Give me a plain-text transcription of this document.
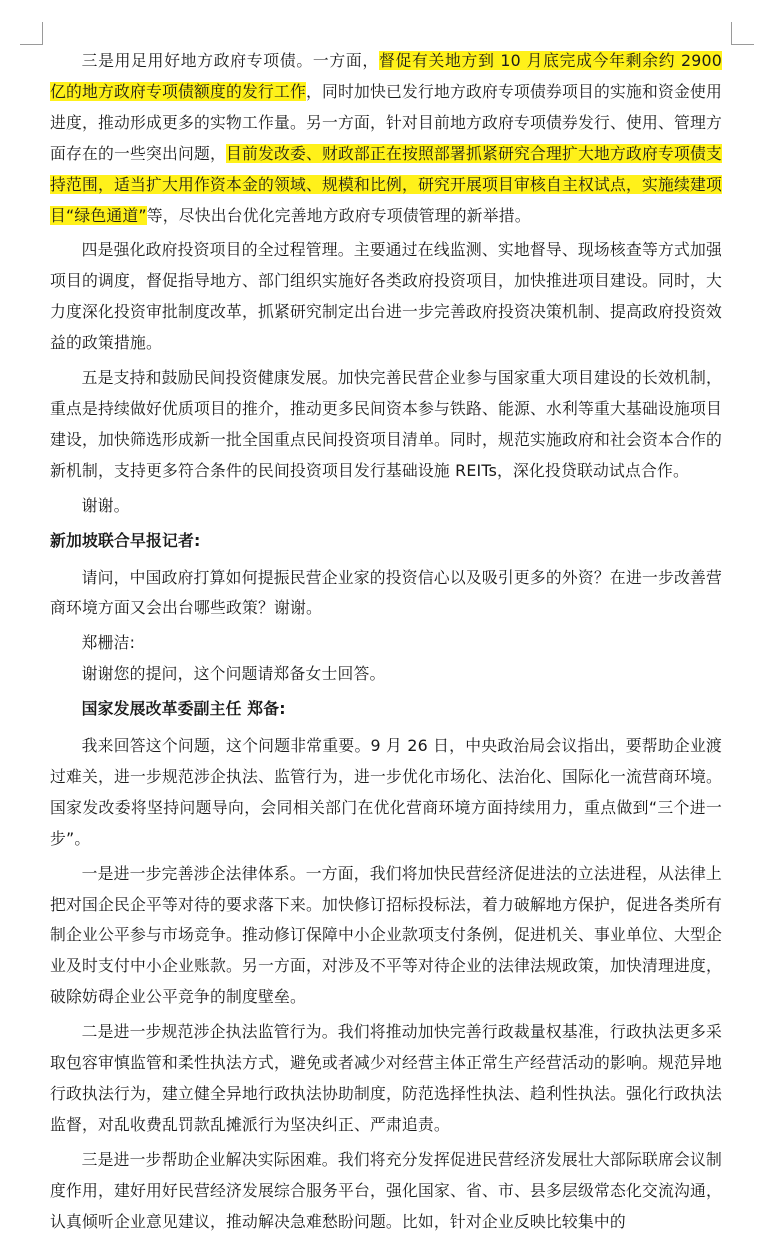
三是用足用好地方政府专项债。一方面，督促有关地方到 10 月底完成今年剩余约 2900 亿的地方政府专项债额度的发行工作，同时加快已发行地方政府专项债券项目的实施和资金使用进度，推动形成更多的实物工作量。另一方面，针对目前地方政府专项债券发行、使用、管理方面存在的一些突出问题，目前发改委、财政部正在按照部署抓紧研究合理扩大地方政府专项债支持范围，适当扩大用作资本金的领域、规模和比例，研究开展项目审核自主权试点，实施续建项目“绿色通道”等，尽快出台优化完善地方政府专项债管理的新举措。

四是强化政府投资项目的全过程管理。主要通过在线监测、实地督导、现场核查等方式加强项目的调度，督促指导地方、部门组织实施好各类政府投资项目，加快推进项目建设。同时，大力度深化投资审批制度改革，抓紧研究制定出台进一步完善政府投资决策机制、提高政府投资效益的政策措施。

五是支持和鼓励民间投资健康发展。加快完善民营企业参与国家重大项目建设的长效机制，重点是持续做好优质项目的推介，推动更多民间资本参与铁路、能源、水利等重大基础设施项目建设，加快筛选形成新一批全国重点民间投资项目清单。同时，规范实施政府和社会资本合作的新机制，支持更多符合条件的民间投资项目发行基础设施 REITs，深化投贷联动试点合作。

谢谢。

新加坡联合早报记者:

请问，中国政府打算如何提振民营企业家的投资信心以及吸引更多的外资？在进一步改善营商环境方面又会出台哪些政策？谢谢。

郑栅洁:

谢谢您的提问，这个问题请郑备女士回答。

国家发展改革委副主任 郑备:

我来回答这个问题，这个问题非常重要。9 月 26 日，中央政治局会议指出，要帮助企业渡过难关，进一步规范涉企执法、监管行为，进一步优化市场化、法治化、国际化一流营商环境。国家发改委将坚持问题导向，会同相关部门在优化营商环境方面持续用力，重点做到“三个进一步”。

一是进一步完善涉企法律体系。一方面，我们将加快民营经济促进法的立法进程，从法律上把对国企民企平等对待的要求落下来。加快修订招标投标法，着力破解地方保护，促进各类所有制企业公平参与市场竞争。推动修订保障中小企业款项支付条例，促进机关、事业单位、大型企业及时支付中小企业账款。另一方面，对涉及不平等对待企业的法律法规政策，加快清理进度，破除妨碍企业公平竞争的制度壁垒。

二是进一步规范涉企执法监管行为。我们将推动加快完善行政裁量权基准，行政执法更多采取包容审慎监管和柔性执法方式，避免或者减少对经营主体正常生产经营活动的影响。规范异地行政执法行为，建立健全异地行政执法协助制度，防范选择性执法、趋利性执法。强化行政执法监督，对乱收费乱罚款乱摊派行为坚决纠正、严肃追责。

三是进一步帮助企业解决实际困难。我们将充分发挥促进民营经济发展壮大部际联席会议制度作用，建好用好民营经济发展综合服务平台，强化国家、省、市、县多层级常态化交流沟通，认真倾听企业意见建议，推动解决急难愁盼问题。比如，针对企业反映比较集中的
